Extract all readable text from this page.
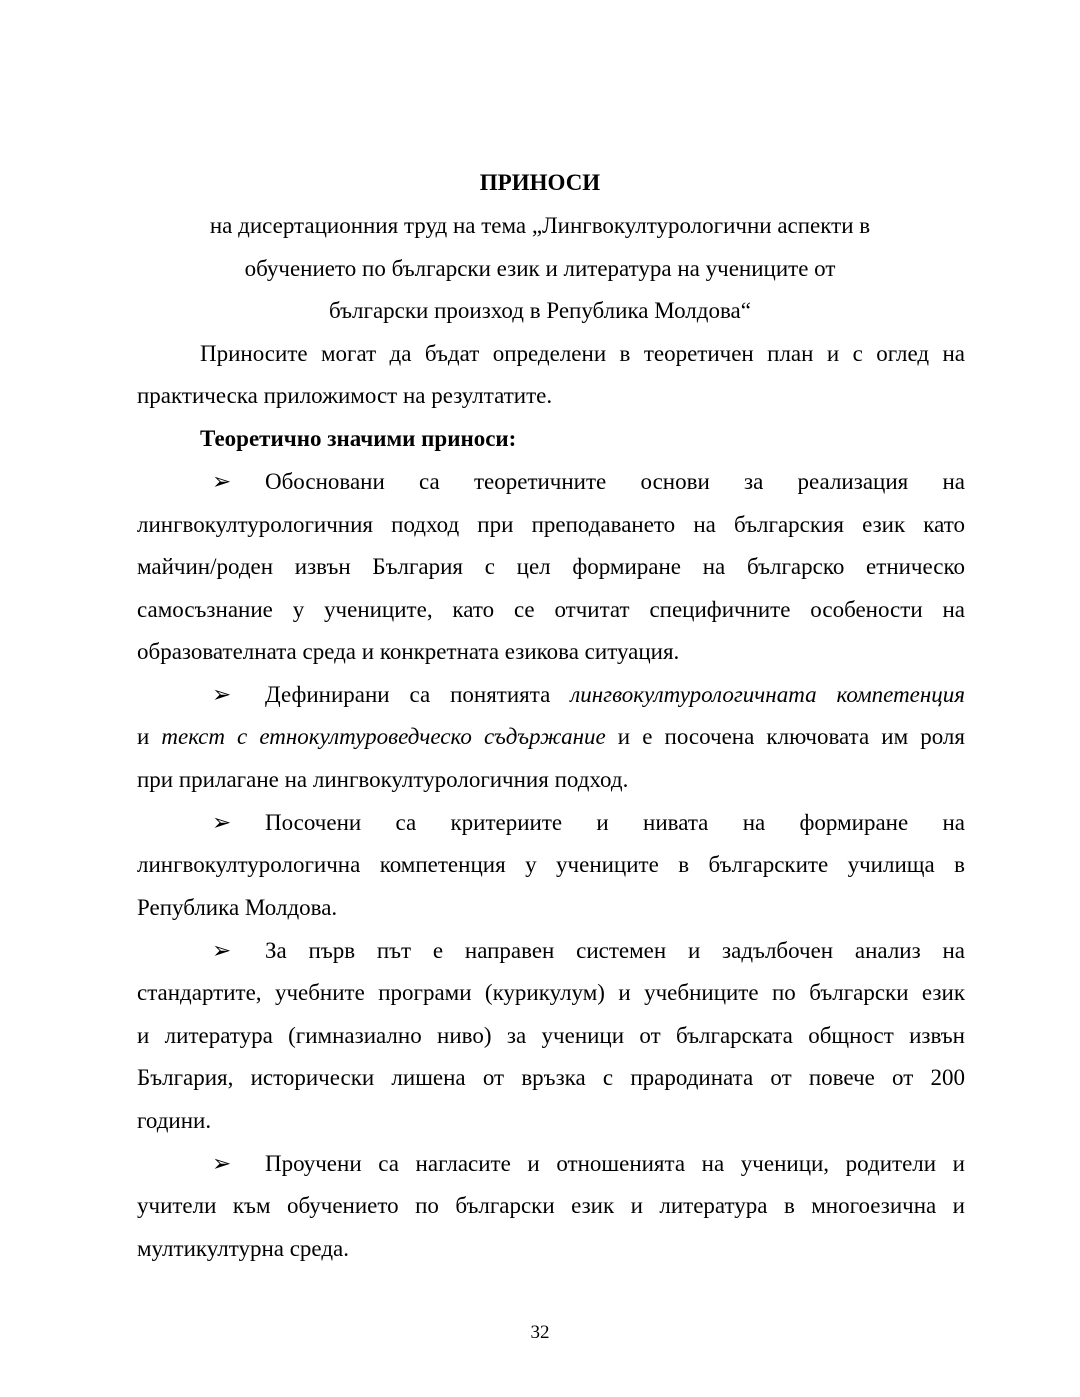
ПРИНОСИ

на дисертационния труд на тема „Лингвокултурологични аспекти в

обучението по български език и литература на учениците от

български произход в Република Молдова“

Приносите могат да бъдат определени в теоретичен план и с оглед на

практическа приложимост на резултатите.

Теоретично значими приноси:

➢	Обосновани са теоретичните основи за реализация на

лингвокултурологичния подход при преподаването на българския език като

майчин/роден извън България с цел формиране на българско етническо

самосъзнание у учениците, като се отчитат специфичните особености на

образователната среда и конкретната езикова ситуация.

➢	Дефинирани са понятията лингвокултурологичната компетенция

и текст с етнокултуроведческо съдържание и е посочена ключовата им роля

при прилагане на лингвокултурологичния подход.

➢	Посочени са критериите и нивата на формиране на

лингвокултурологична компетенция у учениците в българските училища в

Република Молдова.

➢	За първ път е направен системен и задълбочен анализ на

стандартите, учебните програми (курикулум) и учебниците по български език

и литература (гимназиално ниво) за ученици от българската общност извън

България, исторически лишена от връзка с прародината от повече от 200

години.

➢	Проучени са нагласите и отношенията на ученици, родители и

учители към обучението по български език и литература в многоезична и

мултикултурна среда.

32
